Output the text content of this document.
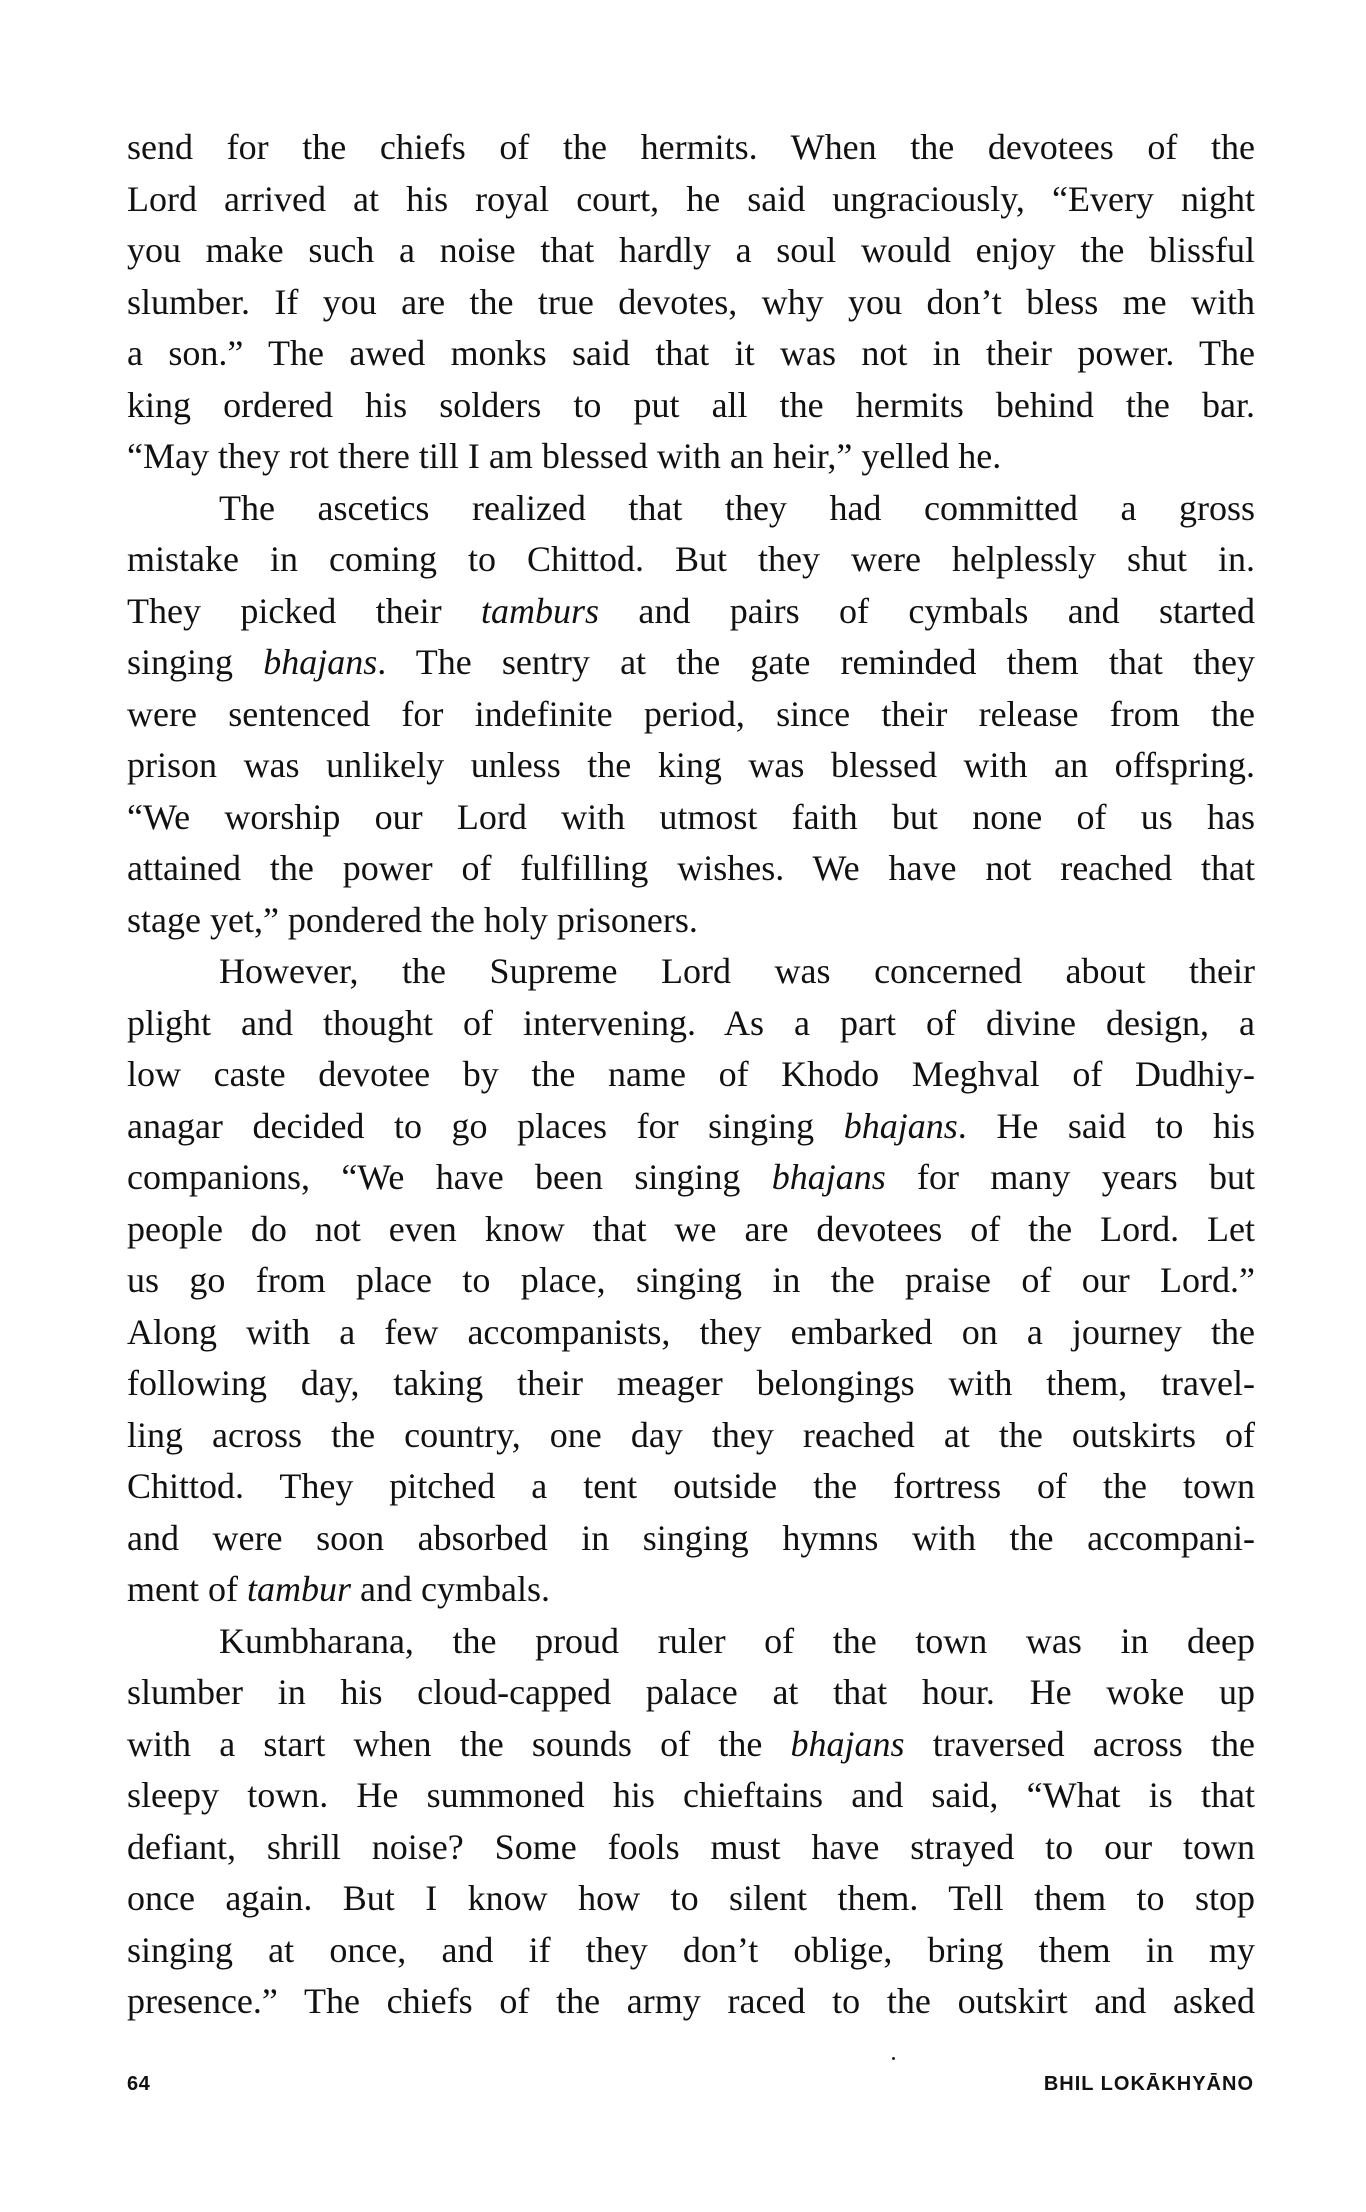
send for the chiefs of the hermits. When the devotees of the
Lord arrived at his royal court, he said ungraciously, “Every night
you make such a noise that hardly a soul would enjoy the blissful
slumber. If you are the true devotes, why you don’t bless me with
a son.” The awed monks said that it was not in their power. The
king ordered his solders to put all the hermits behind the bar.
“May they rot there till I am blessed with an heir,” yelled he.
The ascetics realized that they had committed a gross
mistake in coming to Chittod. But they were helplessly shut in.
They picked their tamburs and pairs of cymbals and started
singing bhajans. The sentry at the gate reminded them that they
were sentenced for indefinite period, since their release from the
prison was unlikely unless the king was blessed with an offspring.
“We worship our Lord with utmost faith but none of us has
attained the power of fulfilling wishes. We have not reached that
stage yet,” pondered the holy prisoners.
However, the Supreme Lord was concerned about their
plight and thought of intervening. As a part of divine design, a
low caste devotee by the name of Khodo Meghval of Dudhiy-
anagar decided to go places for singing bhajans. He said to his
companions, “We have been singing bhajans for many years but
people do not even know that we are devotees of the Lord. Let
us go from place to place, singing in the praise of our Lord.”
Along with a few accompanists, they embarked on a journey the
following day, taking their meager belongings with them, travel-
ling across the country, one day they reached at the outskirts of
Chittod. They pitched a tent outside the fortress of the town
and were soon absorbed in singing hymns with the accompani-
ment of tambur and cymbals.
Kumbharana, the proud ruler of the town was in deep
slumber in his cloud-capped palace at that hour. He woke up
with a start when the sounds of the bhajans traversed across the
sleepy town. He summoned his chieftains and said, “What is that
defiant, shrill noise? Some fools must have strayed to our town
once again. But I know how to silent them. Tell them to stop
singing at once, and if they don’t oblige, bring them in my
presence.” The chiefs of the army raced to the outskirt and asked
64	BHIL LOKĀKHYĀNO
